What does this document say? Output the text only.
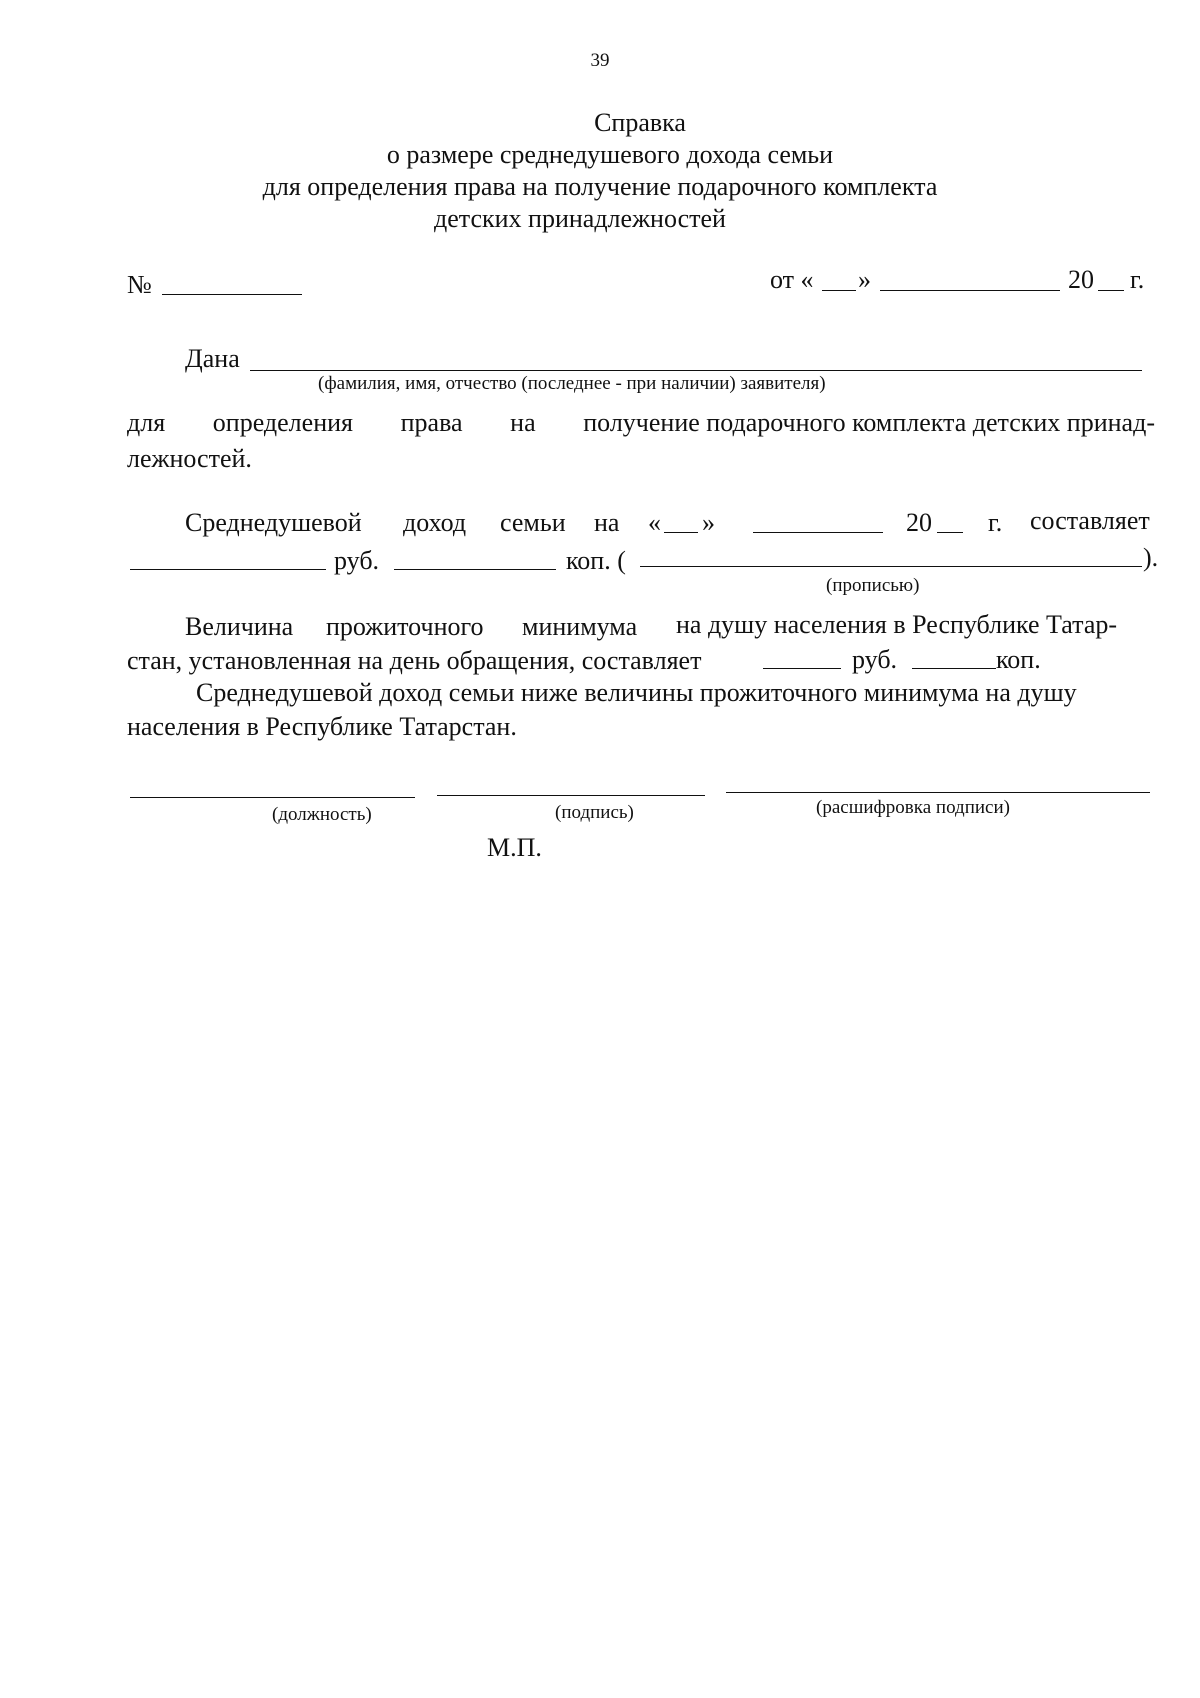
39
Справка
о размере среднедушевого дохода семьи
для определения права на получение подарочного комплекта
детских принадлежностей
№	от « »	20 г.
Дана
(фамилия, имя, отчество (последнее - при наличии) заявителя)
для определения права на получение подарочного комплекта детских принад-
лежностей.
Среднедушевой доход семьи на « »	20 г. составляет
руб.	коп. (	).
(прописью)
Величина прожиточного минимума на душу населения в Республике Татар-
стан, установленная на день обращения, составляет	руб.	коп.
Среднедушевой доход семьи ниже величины прожиточного минимума на душу
населения в Республике Татарстан.
(должность)	(подпись)	(расшифровка подписи)
М.П.
